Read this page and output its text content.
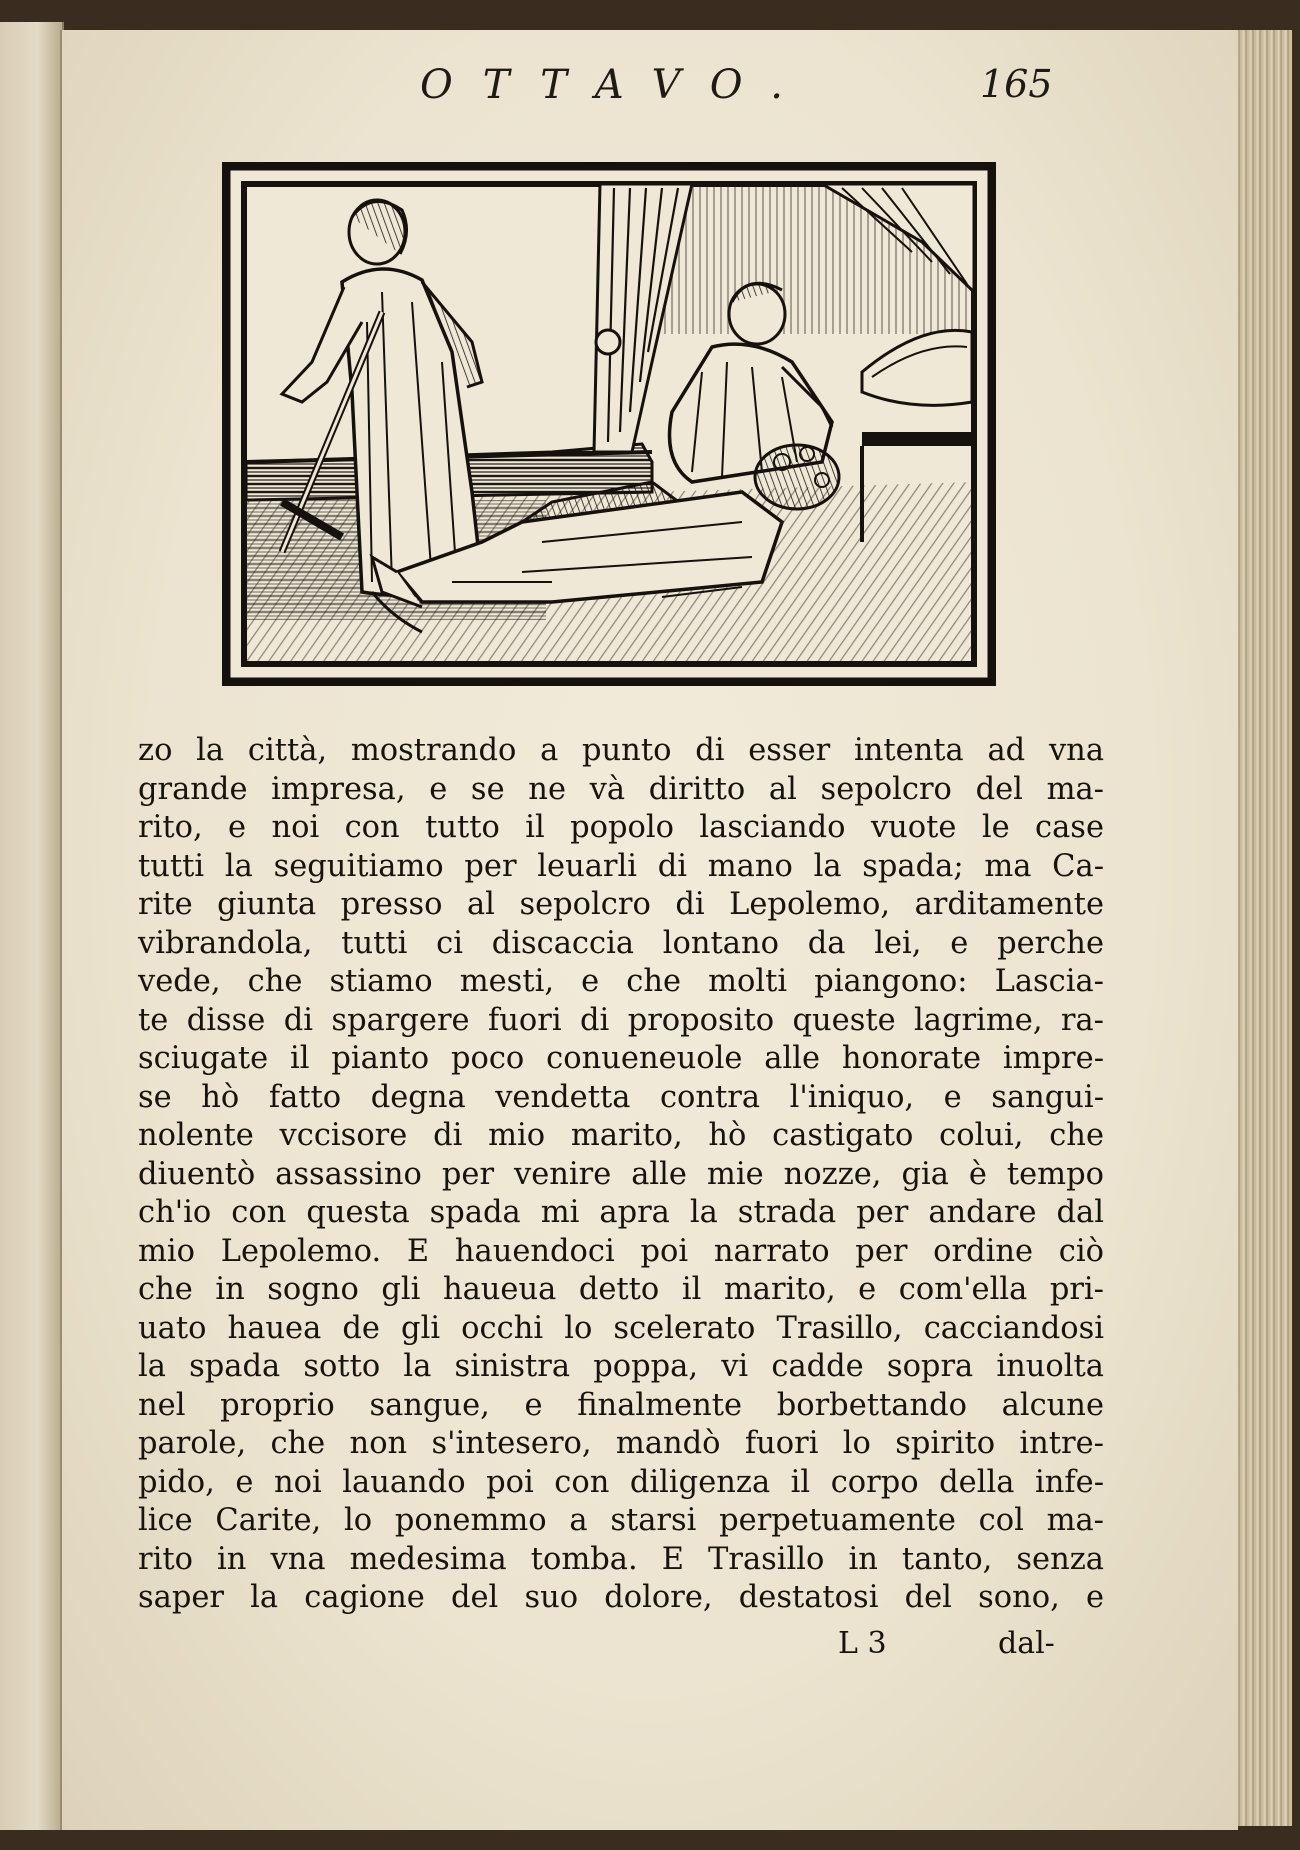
OTTAVO.	165
zo la città, mostrando a punto di esser intenta ad vna
grande impresa, e se ne và diritto al sepolcro del ma-
rito, e noi con tutto il popolo lasciando vuote le case
tutti la seguitiamo per leuarli di mano la spada; ma Ca-
rite giunta presso al sepolcro di Lepolemo, arditamente
vibrandola, tutti ci discaccia lontano da lei, e perche
vede, che stiamo mesti, e che molti piangono: Lascia-
te disse di spargere fuori di proposito queste lagrime, ra-
sciugate il pianto poco conueneuole alle honorate impre-
se hò fatto degna vendetta contra l'iniquo, e sangui-
nolente vccisore di mio marito, hò castigato colui, che
diuentò assassino per venire alle mie nozze, gia è tempo
ch'io con questa spada mi apra la strada per andare dal
mio Lepolemo. E hauendoci poi narrato per ordine ciò
che in sogno gli haueua detto il marito, e com'ella pri-
uato hauea de gli occhi lo scelerato Trasillo, cacciandosi
la spada sotto la sinistra poppa, vi cadde sopra inuolta
nel proprio sangue, e finalmente borbettando alcune
parole, che non s'intesero, mandò fuori lo spirito intre-
pido, e noi lauando poi con diligenza il corpo della infe-
lice Carite, lo ponemmo a starsi perpetuamente col ma-
rito in vna medesima tomba. E Trasillo in tanto, senza
saper la cagione del suo dolore, destatosi del sono, e
L 3	dal-
